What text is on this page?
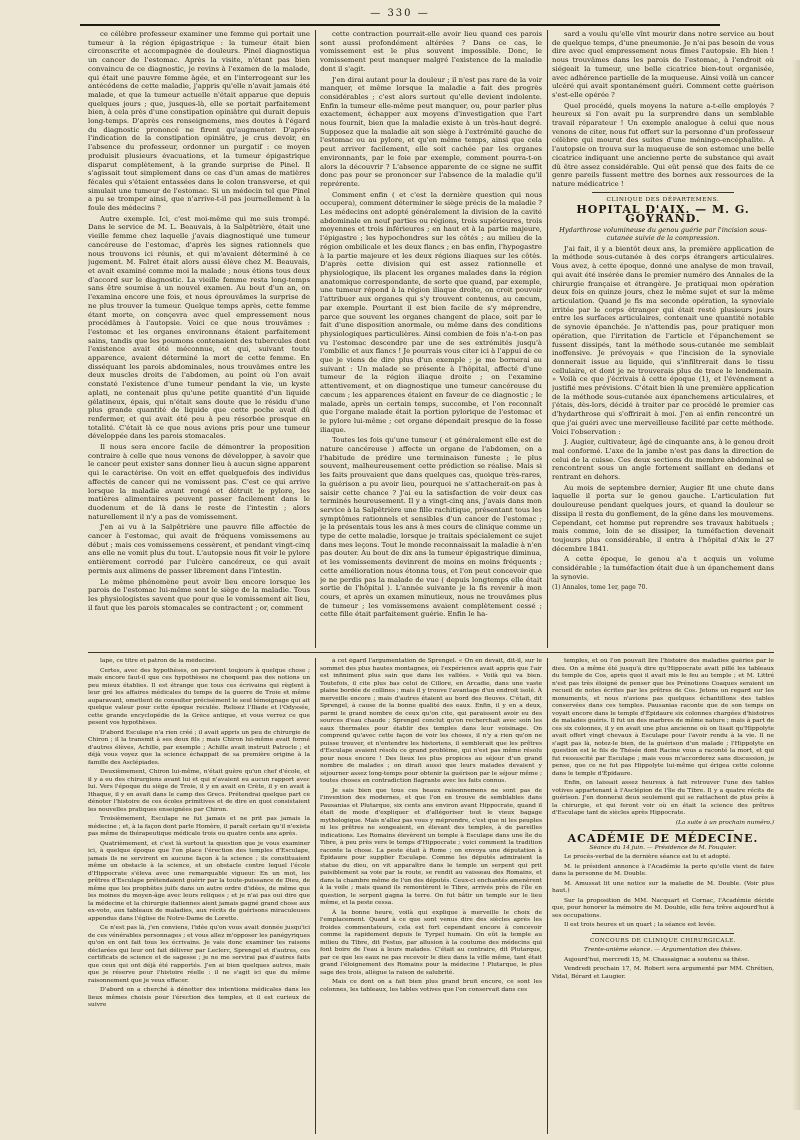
— 330 —

ce célèbre professeur examiner une femme qui portait une tumeur à la région épigastrique : la tumeur était bien circonscrite et accompagnée de douleurs. Pinel diagnostiqua un cancer de l'estomac. Après la visite, n'étant pas bien convaincu de ce diagnostic, je revins à l'examen de la malade, qui était une pauvre femme âgée, et en l'interrogeant sur les antécédens de cette maladie, j'appris qu'elle n'avait jamais été malade, et que la tumeur actuelle n'était apparue que depuis quelques jours ; que, jusques-là, elle se portait parfaitement bien, à cela près d'une constipation opiniâtre qui durait depuis long-temps. D'après ces renseignemens, mes doutes à l'égard du diagnostic prononcé ne firent qu'augmenter. D'après l'indication de la constipation opiniâtre, je crus devoir, en l'absence du professeur, ordonner un purgatif : ce moyen produisit plusieurs évacuations, et la tumeur épigastrique disparut complètement, à la grande surprise de Pinel. Il s'agissait tout simplement dans ce cas d'un amas de matières fécales qui s'étaient entassées dans le colon transverse, et qui simulait une tumeur de l'estomac. Si un médecin tel que Pinel a pu se tromper ainsi, que n'arrive-t-il pas journellement à la foule des médecins ?

Autre exemple. Ici, c'est moi-même qui me suis trompé. Dans le service de M. L. Beauvais, à la Salpêtrière, était une vieille femme chez laquelle j'avais diagnostiqué une tumeur cancéreuse de l'estomac, d'après les signes rationnels que nous trouvons ici réunis, et qui m'avaient déterminé à ce jugement. M. Falret était alors aussi élève chez M. Beauvais, et avait examiné comme moi la malade ; nous étions tous deux d'accord sur le diagnostic. La vieille femme resta long-temps sans être soumise à un nouvel examen. Au bout d'un an, on l'examina encore une fois, et nous éprouvâmes la surprise de ne plus trouver la tumeur. Quelque temps après, cette femme étant morte, on conçevra avec quel empressement nous procédâmes à l'autopsie. Voici ce que nous trouvâmes : l'estomac et les organes environnans étaient parfaitement sains, tandis que les poumons contenaient des tubercules dont l'existence avait été méconnue, et qui, suivant toute apparence, avaient déterminé la mort de cette femme. En disséquant les parois abdominales, nous trouvâmes entre les deux muscles droits de l'abdomen, au point où l'on avait constaté l'existence d'une tumeur pendant la vie, un kyste aplati, ne contenait plus qu'une petite quantité d'un liquide gélatineux, épais, qui n'était sans doute que le résidu d'une plus grande quantité de liquide que cette poche avait dû renfermer, et qui avait été peu à peu résorbée presque en totalité. C'était là ce que nous avions pris pour une tumeur développée dans les parois stomacales.

Il nous sera encore facile de démontrer la proposition contraire à celle que nous venons de développer, à savoir que le cancer peut exister sans donner lieu à aucun signe apparent qui le caractérise. On voit en effet quelquefois des individus affectés de cancer qui ne vomissent pas. C'est ce qui arrive lorsque la maladie avant rongé et détruit le pylore, les matières alimentaires peuvent passer facilement dans le duodenum et de là dans le reste de l'intestin ; alors naturellement il n'y a pas de vomissement.

J'en ai vu à la Salpêtrière une pauvre fille affectée de cancer à l'estomac, qui avait de fréquens vomissemens au début ; mais ces vomissemens cessèrent, et pendant vingt-cinq ans elle ne vomit plus du tout. L'autopsie nous fit voir le pylore entièrement corrodé par l'ulcère cancéreux, ce qui avait permis aux alimens de passer librement dans l'intestin.

Le même phénomène peut avoir lieu encore lorsque les parois de l'estomac lui-même sont le siège de la maladie. Tous les physiologistes savent que pour que le vomissement ait lieu, il faut que les parois stomacales se contractent ; or, comment

cette contraction pourrait-elle avoir lieu quand ces parois sont aussi profondément altérées ? Dans ce cas, le vomissement est le plus souvent impossible. Donc, le vomissement peut manquer malgré l'existence de la maladie dont il s'agit.

J'en dirai autant pour la douleur ; il n'est pas rare de la voir manquer, et même lorsque la maladie a fait des progrès considérables ; c'est alors surtout qu'elle devient indolente. Enfin la tumeur elle-même peut manquer, ou, pour parler plus exactement, échapper aux moyens d'investigation que l'art nous fournit, bien que la maladie existe à un très-haut degré. Supposez que la maladie ait son siège à l'extrémité gauche de l'estomac ou au pylore, et qu'en même temps, ainsi que cela peut arriver facilement, elle soit cachée par les organes environnants, par le foie par exemple, comment pourra-t-on alors la découvrir ? L'absence apparente de ce signe ne suffit donc pas pour se prononcer sur l'absence de la maladie qu'il reprérente.

Comment enfin ( et c'est la dernière question qui nous occupera), comment déterminer le siège précis de la maladie ? Les médecins ont adopté généralement la division de la cavité abdominale en neuf parties ou régions, trois supérieures, trois moyennes et trois inférieures ; en haut et à la partie majeure, l'épigastre ; les hypochondres sur les côtés ; au milieu de la région ombilicale et les deux flancs ; en bas enfin, l'hypogastre à la partie majeure et les deux régions iliaques sur les côtés. D'après cette division qui est assez rationnelle et physiologique, ils placent les organes malades dans la région anatomique correspondante, de sorte que quand, par exemple, une tumeur répond à la région iliaque droite, on croit pouvoir l'attribuer aux organes qui s'y trouvent contenus, au cæcum, par exemple. Pourtant il est bien facile de s'y méprendre, parce que souvent les organes changent de place, soit par le fait d'une disposition anormale, ou même dans des conditions physiologiques particulières. Ainsi combien de fois n'a-t-on pas vu l'estomac descendre par une de ses extrémités jusqu'à l'ombilic et aux flancs ! Je pourrais vous citer ici à l'appui de ce que je viens de dire plus d'un exemple ; je me bornerai au suivant : Un malade se présente à l'hôpital, affecté d'une tumeur de la région iliaque droite ; on l'examine attentivement, et on diagnostique une tumeur cancéreuse du cæcum ; les apparences étaient en faveur de ce diagnostic ; le malade, après un certain temps, succombe, et l'on reconnaît que l'organe malade était la portion pylorique de l'estomac et le pylore lui-même ; cet organe dépendait presque de la fosse iliaque.

Toutes les fois qu'une tumeur ( et généralement elle est de nature cancéreuse ) affecte un organe de l'abdomen, on a l'habitude de prédire une terminaison funeste ; le plus souvent, malheureusement cette prédiction se réalise. Mais si les faits prouvaient que dans quelques cas, quoique très-rares, la guérison a pu avoir lieu, pourquoi ne s'attacherait-on pas à saisir cette chance ? J'ai eu la satisfaction de voir deux cas terminés heureusement. Il y a vingt-cinq ans, j'avais dans mon service à la Salpêtrière une fille rachitique, présentant tous les symptômes rationnels et sensibles d'un cancer de l'estomac ; je la présentais tous les ans à mes cours de clinique comme un type de cette maladie, lorsque je traitais spécialement ce sujet dans mes leçons. Tout le monde reconnaissait la maladie à n'en pas douter. Au bout de dix ans la tumeur épigastrique diminua, et les vomissements devinrent de moins en moins fréquents ; cette amélioration nous étonna tous, et l'on peut concevoir que je ne perdis pas la malade de vue ( depuis longtemps elle était sortie de l'hôpital ). L'année suivante je la fis revenir à mon cours, et après un examen minutieux, nous ne trouvâmes plus de tumeur ; les vomissemens avaient complètement cessé ; cette fille était parfaitement guérie. Enfin le ha-

sard a voulu qu'elle vînt mourir dans notre service au bout de quelque temps, d'une pneumonie. Je n'ai pas besoin de vous dire avec quel empressement nous fîmes l'autopsie. Eh bien ! nous trouvâmes dans les parois de l'estomac, à l'endroit où siégeait la tumeur, une belle cicatrice bien-tout organisée, avec adhérence partielle de la muqueuse. Ainsi voilà un cancer ulcéré qui avait spontanément guéri. Comment cette guérison s'est-elle opérée ?

Quel procédé, quels moyens la nature a-t-elle employés ? heureux si l'on avait pu la surprendre dans un semblable travail réparateur ! Un exemple analogue à celui que nous venons de citer, nous fut offert sur la personne d'un professeur célèbre qui mourut des suites d'une méningo-encéphalite. À l'autopsie on trouva sur la muqueuse de son estomac une belle cicatrice indiquant une ancienne perte de substance qui avait dû être assez considérable. Qui eût pensé que des faits de ce genre pareils fussent mettre des bornes aux ressources de la nature médicatrice !

CLINIQUE DES DÉPARTEMENS.
HOPITAL D'AIX. — M. G. GOYRAND.
Hydarthrose volumineuse du genou guérie par l'incision sous-cutanée suivie de la compression.

J'ai fait, il y a bientôt deux ans, la première application de la méthode sous-cutanée à des corps étrangers articulaires. Vous avez, à cette époque, donné une analyse de mon travail, qui avait été insérée dans le premier numéro des Annales de la chirurgie française et étrangère. Je pratiquai mon opération deux fois en quinze jours, chez le même sujet et sur la même articulation. Quand je fis ma seconde opération, la synoviale irritée par le corps étranger qui était resté plusieurs jours entre les surfaces articulaires, contenait une quantité notable de synovie épanchée. Je n'attendis pas, pour pratiquer mon opération, que l'irritation de l'article et l'épanchement se fussent dissipés, tant la méthode sous-cutanée me semblait inoffensive. Je prévoyais « que l'incision de la synoviale donnerait issue au liquide, qui s'infiltrerait dans le tissu cellulaire, et dont je ne trouverais plus de trace le lendemain. » Voilà ce que j'écrivais à cette époque (1), et l'événement a justifié mes prévisions. C'était bien là une première application de la méthode sous-cutanée aux épanchemens articulaires, et j'étais, dès-lors, décidé à traiter par ce procédé le premier cas d'hydarthrose qui s'offrirait à moi. J'en ai enfin rencontré un que j'ai guéri avec une merveilleuse facilité par cette méthode. Voici l'observation :

J. Augier, cultivateur, âgé de cinquante ans, à le genou droit mal conformé. L'axe de la jambe n'est pas dans la direction de celui de la cuisse. Ces deux sections du membre abdominal se rencontrent sous un angle fortement saillant en dedans et rentrant en dehors.

Au mois de septembre dernier, Augier fit une chute dans laquelle il porta sur le genou gauche. L'articulation fut douloureuse pendant quelques jours, et quand la douleur se dissipa il resta du gonflement, de la gêne dans les mouvemens. Cependant, cet homme put reprendre ses travaux habituels ; mais comme, loin de se dissiper, la tuméfaction devenait toujours plus considérable, il entra à l'hôpital d'Aix le 27 décembre 1841.

A cette époque, le genou a'a t acquis un volume considérable ; la tuméfaction était due à un épanchement dans la synovie.

(1) Annales, tome 1er, page 70.

lape, ce titre et patron de la médecine.

Certes, avec des hypothèses, on parvient toujours à quelque chose ; mais encore faut-il que ces hypothèses ne choquent pas des notions un peu mieux établies. Il est étrange que tous ces écrivains qui règlent à leur gré les affaires médicales du temps de la guerre de Troie et même auparavant, omettent de consulter précisément le seul témoignage qui ait quelque valeur pour cette époque reculée. Relisez l'Iliade et l'Odyssée, cette grande encyclopédie de la Grèce antique, et vous verrez ce que pesent vos hypothèses.

D'abord Esculape n'a rien créé ; il avait appris un peu de chirurgie de Chiron ; il la transmit à ses deux fils ; mais Chiron lui-même avait formé d'autres élèves, Achille, par exemple ; Achille avait instruit Patrocle ; et déjà vous voyez que la science échappait de sa première origine à la famille des Asclépiades.

Deuxièmement, Chiron lui-même, n'était guère qu'un chef d'école, et il y a eu des chirurgiens avant lui et qui n'avaient eu aucun rapport avec lui. Vers l'époque du siège de Troie, il y en avait en Crète, il y en avait à Ithaque, il y en avait dans le camp des Grecs. Prétendrai quelque part ce dénoter l'histoire de ces écoles primitives et de dire en quoi consistaient les nouvelles pratiques enseignées par Chiron.

Troisièmement, Esculape ne fut jamais et ne prit pas jamais la médecine ; et, à la façon dont parle Homère, il paraît certain qu'il n'exista pas même de thérapeutique médicale trois ou quatre cents ans après.

Quatrièmement, et c'est là surtout la question que je vous examiner ici, à quelque époque que l'on place l'érection des temples d'Esculape, jamais ils ne servirent en aucune façon à la science ; ils constituaient même un obstacle à la science, et un obstacle contre lequel l'école d'Hippocrate s'éleva avec une remarquable vigueur. En un mot, les prêtres d'Esculape prétendaient guérir par la toute-puissance de Dieu, de même que les prophètes juifs dans un autre ordre d'idées, de même que les moines du moyen-âge avec leurs reliques ; et je n'ai pas oui dire que la médecine et la chirurgie italiennes aient jamais gagné grand chose aux ex-voto, aux tableaux de maladies, aux récits de guérisons miraculeuses appendus dans l'église de Notre-Dame de Lorette.

Ce n'est pas là, j'en conviens, l'idée qu'on vous avait donnée jusqu'ici de ces vénérables personnages ; et vous allez m'opposer les panégyriques qu'on en ont fait tous les écrivains. Je vais donc examiner les raisons déclarées qui leur ont fait délivrer par Leclerc, Sprengel et d'autres, ces certificats de science et de sagesse ; je ne me servirai pas d'autres faits que ceux qui ont déjà été rapportés. J'en ai bien quelques autres, mais que je réserve pour l'histoire réelle : il ne s'agit ici que du même raisonnement que je veux effacer.

D'abord on a cherché à dénotter des intentions médicales dans les lieux mêmes choisis pour l'érection des temples, et il est curieux de suivre

à cet égard l'argumentation de Sprengel. « On en devait, dit-il, sur le sommet des plus hautes montagnes, où l'expérience avait appris que l'air est infiniment plus sain que dans les vallées. » Voilà qui va bien. Toutefois, il cite plus bas celui de Cillore, en Arcadie, dans une vaste plaine bordée de collines ; mais il y trouve l'avantage d'un endroit isolé. À merveille encore ; mais d'autres étaient au bord des fleuves. C'était, dit Sprengel, à cause de la bonne qualité des eaux. Enfin, il y en a deux, parmi le grand nombre de ceux qu'on cite, qui paraissent avoir eu des sources d'eau chaude ; Sprengel conclut qu'on recherchait avec soin les eaux thermales pour établir des temples dans leur voisinage. On comprend qu'avec cette façon de voir les choses, il n'y a rien qu'on ne puisse trouver, et n'entendre les historiens, il semblerait que les prêtres d'Esculape avaient résolu ce grand problème, qui n'est pas même résolu pour nous encore ! Des lieux les plus propices au séjour d'un grand nombre de malades ; on dirait aussi que leurs malades devaient y séjourner assez long-temps pour obtenir la guérison par le séjour même ; toutes choses en contradiction flagrante avec les faits connus.

Je sais bien que tous ces beaux raisonnemens ne sont pas de l'invention des modernes, et que l'on en trouve de semblables dans Pausanias et Plutarque, six cents ans environ avant Hippocrate, quand il était de mode d'expliquer et d'allégoriser tout le vieux bagage mythologique. Mais n'allez pas vous y méprendre, c'est que ni les peuples ni les prêtres ne songeaient, en élevant des temples, à de pareilles indications. Les Romains élevèrent un temple à Esculape dans une île du Tibre, à peu près vers le temps d'Hippocrate ; voici comment la tradition raconte la chose. La peste était à Rome ; on envoya une députation à Épidaure pour supplier Esculape. Comme les députés admiraient la statue du dieu, on vit apparaître dans le temple un serpent qui prit paisiblement sa voie par la route, se rendit au vaisseau des Romains, et dans la chambre même de l'un des députés. Ceux-ci enchantés amenèrent à la voile ; mais quand ils remontèrent le Tibre, arrivés près de l'île en question, le serpent gagna la terre. On fut bâtir un temple sur le lieu même, et la peste cessa.

À la bonne heure, voilà qui explique à merveille le choix de l'emplacement. Quand à ce que sont venus dire des siècles après les froides commentateurs, cela est fort cependant encore à concevoir comme la rapidement depuis le Tyrpel humain. On eût la temple au milieu du Tibre, dit Festus, par allusion à la coutume des médecins qui font boire de l'eau à leurs malades. C'était au contraire, dit Plutarque, par ce que les eaux ne pas recevoir le dieu dans la ville même, tant était grand l'éloignement des Romains pour la médecine ! Plutarque, le plus sage des trois, allègue la raison de salubrité.

Mais ce dont on a fait bien plus grand bruit encore, ce sont les colonnes, les tableaux, les tables votives que l'on conservait dans ces

temples, et où l'on pouvait lire l'histoire des maladies guéries par le dieu. On a même été jusqu'à dire qu'Hippocrate avait pillé les tableaux du temple de Cos, après quoi il avait mis le feu au temple ; et M. Littré n'est pas très éloigné de penser que les Prénotions Coaques seraient un recueil de notes écrites par les prêtres de Cos. Jetons un regard sur les monuments, et nous n'avions pas quelques échantillons des tables conservées dans ces temples. Pausanias raconte que de son temps on voyait encore dans le temple d'Épidaure six colonnes chargées d'histoires de malades guéris. Il fut un des marbres de même nature ; mais à part de ces six colonnes, il y en avait une plus ancienne où on lisait qu'Hippolyte avait offert vingt chevaux à Esculape pour l'avoir rendu à la vie. Il ne s'agit pas là, notez-le bien, de la guérison d'un malade ; l'Hippolyte en question est le fils de Thésée dont Racine vous a raconté la mort, et qui fut ressuscité par Esculape ; mais vous m'accorderez sans discussion, je pense, que ce ne fut pas Hippolyte lui-même qui érigea cette colonne dans le temple d'Épidaure.

Enfin, on laissait assez heureux à fait retrouver l'une des tables votives appartenant à l'Asclépion de l'île du Tibre. Il y a quatre récits de guérison. J'en donnerai deux seulement qui se rattachent de plus près à la chirurgie, et qui feront voir où en était la science des prêtres d'Esculape tant de siècles après Hippocrate.

(La suite à un prochain numéro.)

ACADÉMIE DE MÉDECINE.

Séance du 14 juin. — Présidence de M. Fouquier.

Le procès-verbal de la dernière séance est lu et adopté.

M. le président annonce à l'Académie la perte qu'elle vient de faire dans la personne de M. Double.

M. Amussat lit une notice sur la maladie de M. Double. (Voir plus haut.)

Sur la proposition de MM. Nacquart et Cornac, l'Académie décide que, pour honorer la mémoire de M. Double, elle fera trêve aujourd'hui à ses occupations.

Il est trois heures et un quart ; la séance est levée.

CONCOURS DE CLINIQUE CHIRURGICALE.

Trente-unième séance. — Argumentation des thèses.

Aujourd'hui, mercredi 15, M. Chassaignac a soutenu sa thèse.

Vendredi prochain 17, M. Robert sera argumenté par MM. Chrétien, Vidal, Bérard et Laugier.
